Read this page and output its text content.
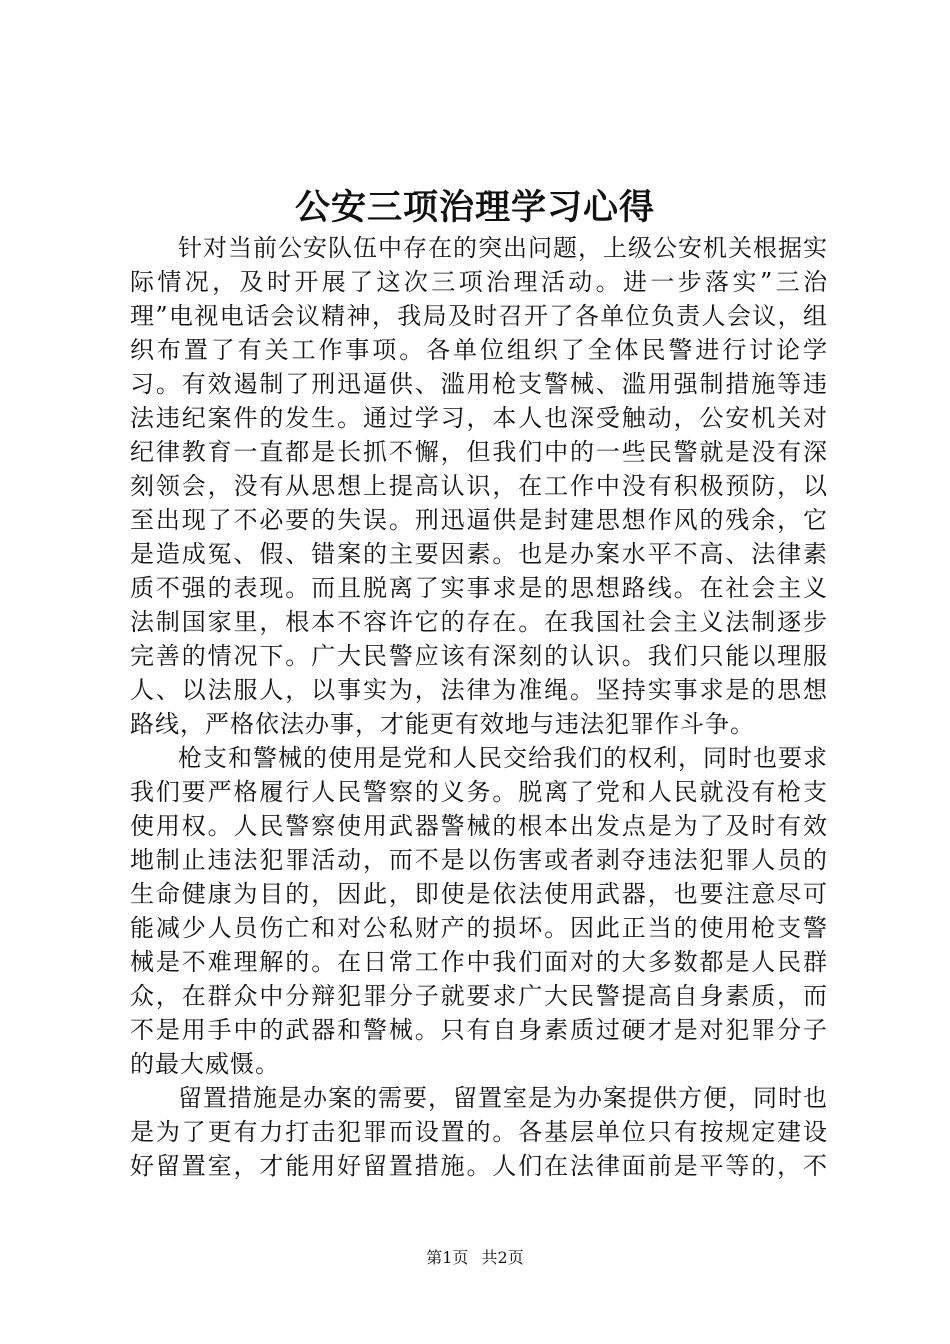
公安三项治理学习心得

针对当前公安队伍中存在的突出问题，上级公安机关根据实际情况，及时开展了这次三项治理活动。进一步落实”三治理”电视电话会议精神，我局及时召开了各单位负责人会议，组织布置了有关工作事项。各单位组织了全体民警进行讨论学习。有效遏制了刑迅逼供、滥用枪支警械、滥用强制措施等违法违纪案件的发生。通过学习，本人也深受触动，公安机关对纪律教育一直都是长抓不懈，但我们中的一些民警就是没有深刻领会，没有从思想上提高认识，在工作中没有积极预防，以至出现了不必要的失误。刑迅逼供是封建思想作风的残余，它是造成冤、假、错案的主要因素。也是办案水平不高、法律素质不强的表现。而且脱离了实事求是的思想路线。在社会主义法制国家里，根本不容许它的存在。在我国社会主义法制逐步完善的情况下。广大民警应该有深刻的认识。我们只能以理服人、以法服人，以事实为，法律为准绳。坚持实事求是的思想路线，严格依法办事，才能更有效地与违法犯罪作斗争。

枪支和警械的使用是党和人民交给我们的权利，同时也要求我们要严格履行人民警察的义务。脱离了党和人民就没有枪支使用权。人民警察使用武器警械的根本出发点是为了及时有效地制止违法犯罪活动，而不是以伤害或者剥夺违法犯罪人员的生命健康为目的，因此，即使是依法使用武器，也要注意尽可能减少人员伤亡和对公私财产的损坏。因此正当的使用枪支警械是不难理解的。在日常工作中我们面对的大多数都是人民群众，在群众中分辩犯罪分子就要求广大民警提高自身素质，而不是用手中的武器和警械。只有自身素质过硬才是对犯罪分子的最大威慑。

留置措施是办案的需要，留置室是为办案提供方便，同时也是为了更有力打击犯罪而设置的。各基层单位只有按规定建设好留置室，才能用好留置措施。人们在法律面前是平等的，不

第1页 共2页
